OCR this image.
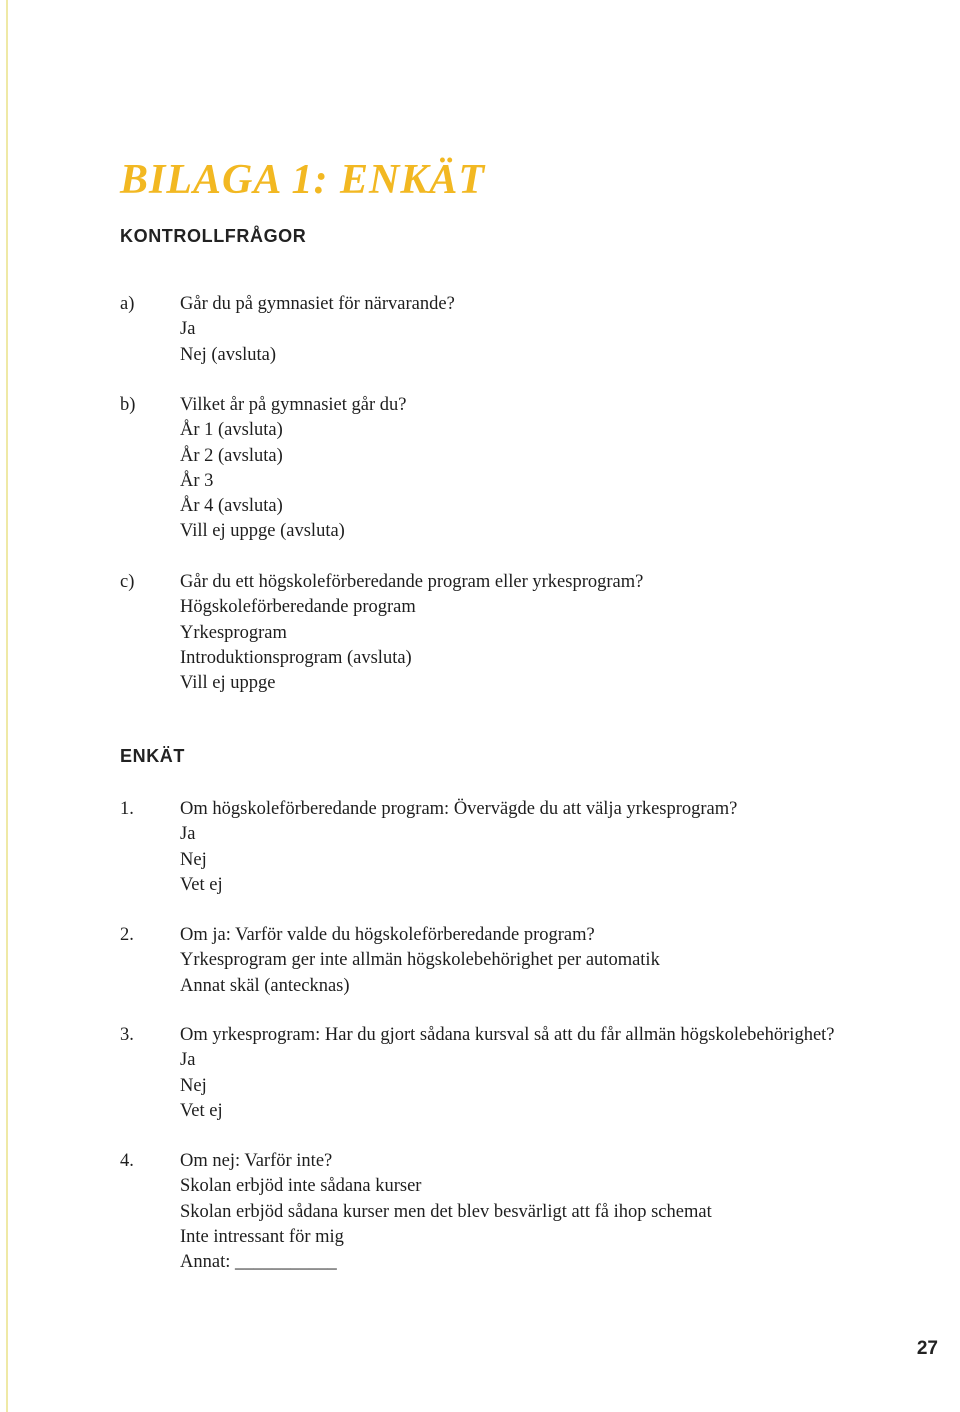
BILAGA 1: ENKÄT
KONTROLLFRÅGOR
a) Går du på gymnasiet för närvarande?
Ja
Nej (avsluta)
b) Vilket år på gymnasiet går du?
År 1 (avsluta)
År 2 (avsluta)
År 3
År 4 (avsluta)
Vill ej uppge (avsluta)
c) Går du ett högskoleförberedande program eller yrkesprogram?
Högskoleförberedande program
Yrkesprogram
Introduktionsprogram (avsluta)
Vill ej uppge
ENKÄT
1. Om högskoleförberedande program: Övervägde du att välja yrkesprogram?
Ja
Nej
Vet ej
2. Om ja: Varför valde du högskoleförberedande program?
Yrkesprogram ger inte allmän högskolebehörighet per automatik
Annat skäl (antecknas)
3. Om yrkesprogram: Har du gjort sådana kursval så att du får allmän högskolebehörighet?
Ja
Nej
Vet ej
4. Om nej: Varför inte?
Skolan erbjöd inte sådana kurser
Skolan erbjöd sådana kurser men det blev besvärligt att få ihop schemat
Inte intressant för mig
Annat: ___________
27
